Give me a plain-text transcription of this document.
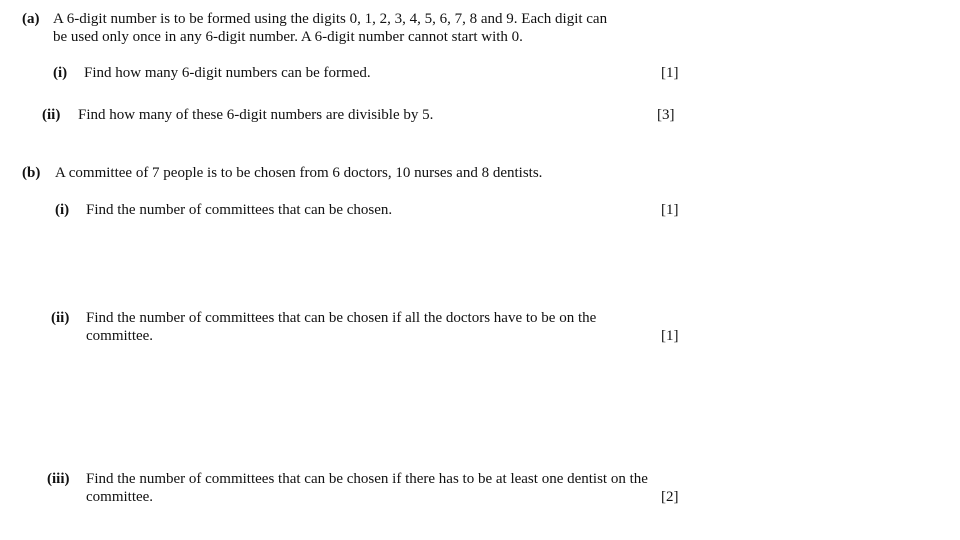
(a) A 6-digit number is to be formed using the digits 0, 1, 2, 3, 4, 5, 6, 7, 8 and 9. Each digit can
be used only once in any 6-digit number. A 6-digit number cannot start with 0.
(i) Find how many 6-digit numbers can be formed.	[1]
(ii) Find how many of these 6-digit numbers are divisible by 5.	[3]
(b) A committee of 7 people is to be chosen from 6 doctors, 10 nurses and 8 dentists.
(i) Find the number of committees that can be chosen.	[1]
(ii) Find the number of committees that can be chosen if all the doctors have to be on the
committee.	[1]
(iii) Find the number of committees that can be chosen if there has to be at least one dentist on the
committee.	[2]
